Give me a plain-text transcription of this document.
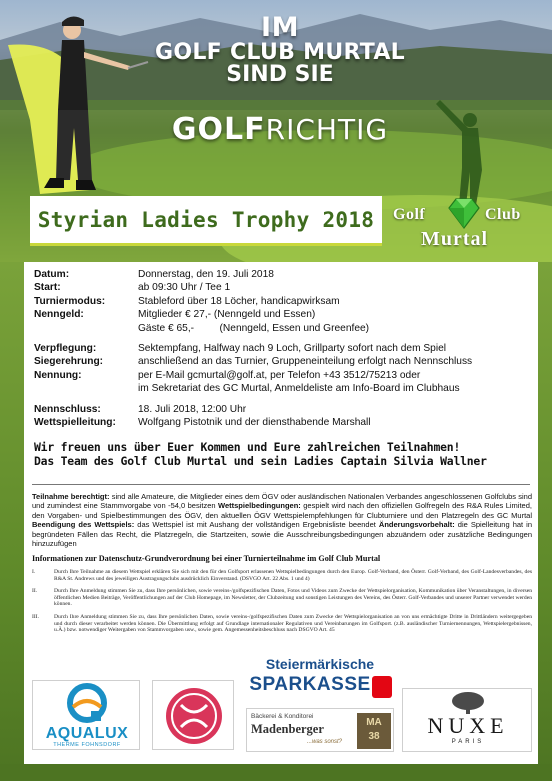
IM
GOLF CLUB MURTAL
SIND SIE
GOLFRICHTIG
Styrian Ladies Trophy 2018 Golf	Club
Murtal
Datum:	Donnerstag, den 19. Juli 2018
Start:	ab 09:30 Uhr / Tee 1
Turniermodus:	Stableford über 18 Löcher, handicapwirksam
Nenngeld:	Mitglieder € 27,- (Nenngeld und Essen)
Gäste € 65,-         (Nenngeld, Essen und Greenfee)
Verpflegung:	Sektempfang, Halfway nach 9 Loch, Grillparty sofort nach dem Spiel
Siegerehrung:	anschließend an das Turnier, Gruppeneinteilung erfolgt nach Nennschluss
Nennung:	per E-Mail gcmurtal@golf.at, per Telefon +43 3512/75213 oder
im Sekretariat des GC Murtal, Anmeldeliste am Info-Board im Clubhaus
Nennschluss:	18. Juli 2018, 12:00 Uhr
Wettspielleitung:	Wolfgang Pistotnik und der diensthabende Marshall
Wir freuen uns über Euer Kommen und Eure zahlreichen Teilnahmen!
Das Team des Golf Club Murtal und sein Ladies Captain Silvia Wallner
Teilnahme berechtigt: sind alle Amateure, die Mitglieder eines dem ÖGV oder ausländischen Nationalen Verbandes angeschlossenen Golfclubs sind und zumindest eine Stammvorgabe von -54,0 besitzen Wettspielbedingungen: gespielt wird nach den offiziellen Golfregeln des R&A Rules Limited, den Vorgaben- und Spielbestimmungen des ÖGV, den aktuellen ÖGV Wettspielempfehlungen für Clubturniere und den Platzregeln des GC Murtal Beendigung des Wettspiels: das Wettspiel ist mit Aushang der vollständigen Ergebnisliste beendet Änderungsvorbehalt: die Spielleitung hat in begründeten Fällen das Recht, die Platzregeln, die Startzeiten, sowie die Ausschreibungsbedingungen abzuändern oder zusätzliche Bedingungen hinzuzufügen
Informationen zur Datenschutz-Grundverordnung bei einer Turnierteilnahme im Golf Club Murtal
I.	Durch Ihre Teilnahme an diesem Wettspiel erklären Sie sich mit den für den Golfsport erlassenen Wettspielbedingungen durch den Europ. Golf-Verband, den Österr. Golf-Verband, des Golf-Landesverbandes, des R&A St. Andrews und des jeweiligen Austragungsclubs ausdrücklich Einverstand. (DSVGO Art. 22 Abs. 1 und 4)
II.	Durch Ihre Anmeldung stimmen Sie zu, dass Ihre persönlichen, sowie vereins-/golfspezifischen Daten, Fotos und Videos zum Zwecke der Wettspielorganisation, Kommunikation über Veranstaltungen, in diversen öffentlichen Medien Beiträge, Veröffentlichungen auf der Club Homepage, im Newsletter, der Clubzeitung und sonstigen Leistungen des Vereins, des Österr. Golf-Verbandes und unserer Partner verwendet werden können.
III.	Durch Ihre Anmeldung stimmen Sie zu, dass Ihre persönlichen Daten, sowie vereins-/golfspezifischen Daten zum Zwecke der Wettspielorganisation an von uns ermächtigte Dritte in Drittländern weitergegeben und durch dieser verarbeitet werden können. Die Übermittlung erfolgt auf Grundlage internationaler Regulativen und Vereinbarungen im Golfsport. (z.B. ausländischer Turniernennungen, Wettspielergebnissen, u.Ä.) bzw. notwendiger Weitergaben von Stammvorgaben usw., sowie gem. Angemessenheitsbeschluss nach DSGVO Art. 45
AQUALUX
THERME FOHNSDORF
Steiermärkische
SPARKASSE
Bäckerei & Konditorei
Madenberger
...was sonst?
MA
38	NUXE
PARIS
